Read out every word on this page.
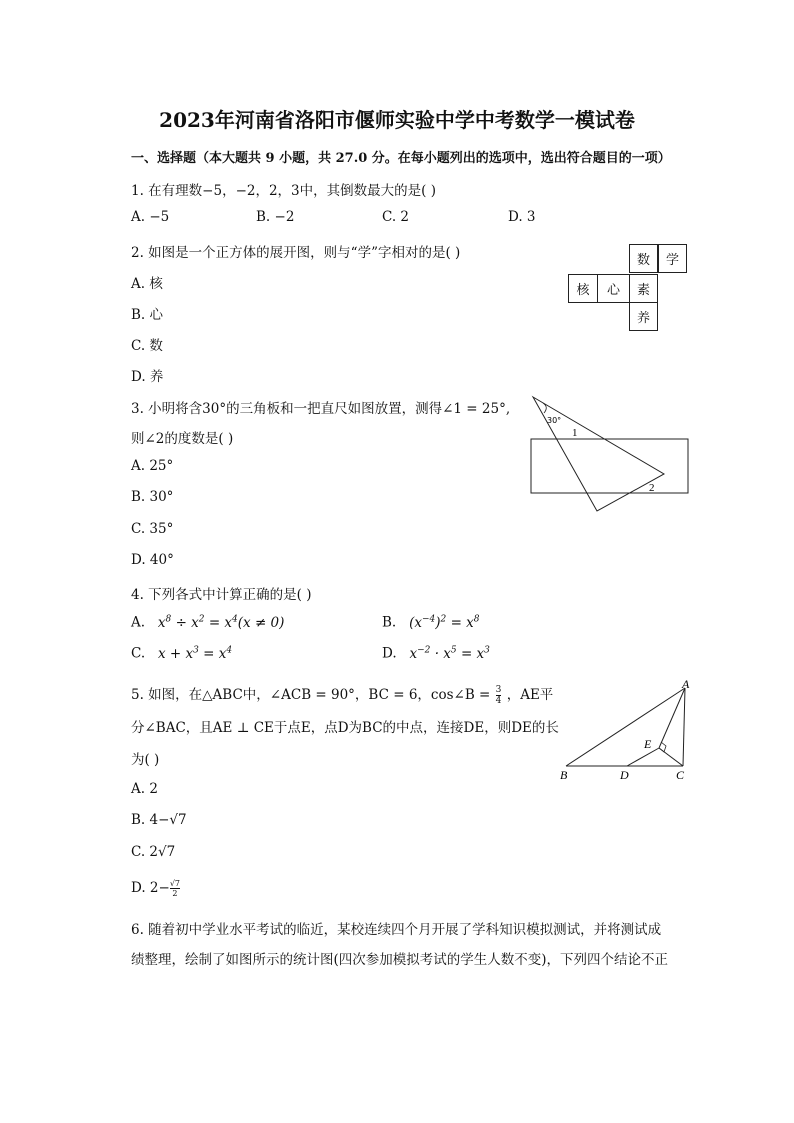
2023年河南省洛阳市偃师实验中学中考数学一模试卷
一、选择题（本大题共 9 小题，共 27.0 分。在每小题列出的选项中，选出符合题目的一项）
1. 在有理数−5，−2，2，3中，其倒数最大的是( )
A. −5	B. −2	C. 2	D. 3
2. 如图是一个正方体的展开图，则与“学”字相对的是( )
A. 核
B. 心
C. 数
D. 养
数	学
核	心	素
养
3. 小明将含30°的三角板和一把直尺如图放置，测得∠1 = 25°,
则∠2的度数是( )
A. 25°
B. 30°
C. 35°
D. 40°
30°
1
2
4. 下列各式中计算正确的是( )
A.   $x^8 \div x^2 = x^4(x \ne 0)$	B.   $(x^{-4})^2 = x^8$
C.   $x + x^3 = x^4$	D.   $x^{-2} \cdot x^5 = x^3$
5. 如图，在△ABC中，∠ACB = 90°，BC = 6，cos∠B = $\frac{3}{4}$ ，AE平
分∠BAC，且AE ⊥ CE于点E，点D为BC的中点，连接DE，则DE的长
为( )
A. 2
B. 4−√7
C. 2√7
D. $2- \frac{√7}{2}$
A
B	C
D
E
6. 随着初中学业水平考试的临近，某校连续四个月开展了学科知识模拟测试，并将测试成
绩整理，绘制了如图所示的统计图(四次参加模拟考试的学生人数不变)，下列四个结论不正
